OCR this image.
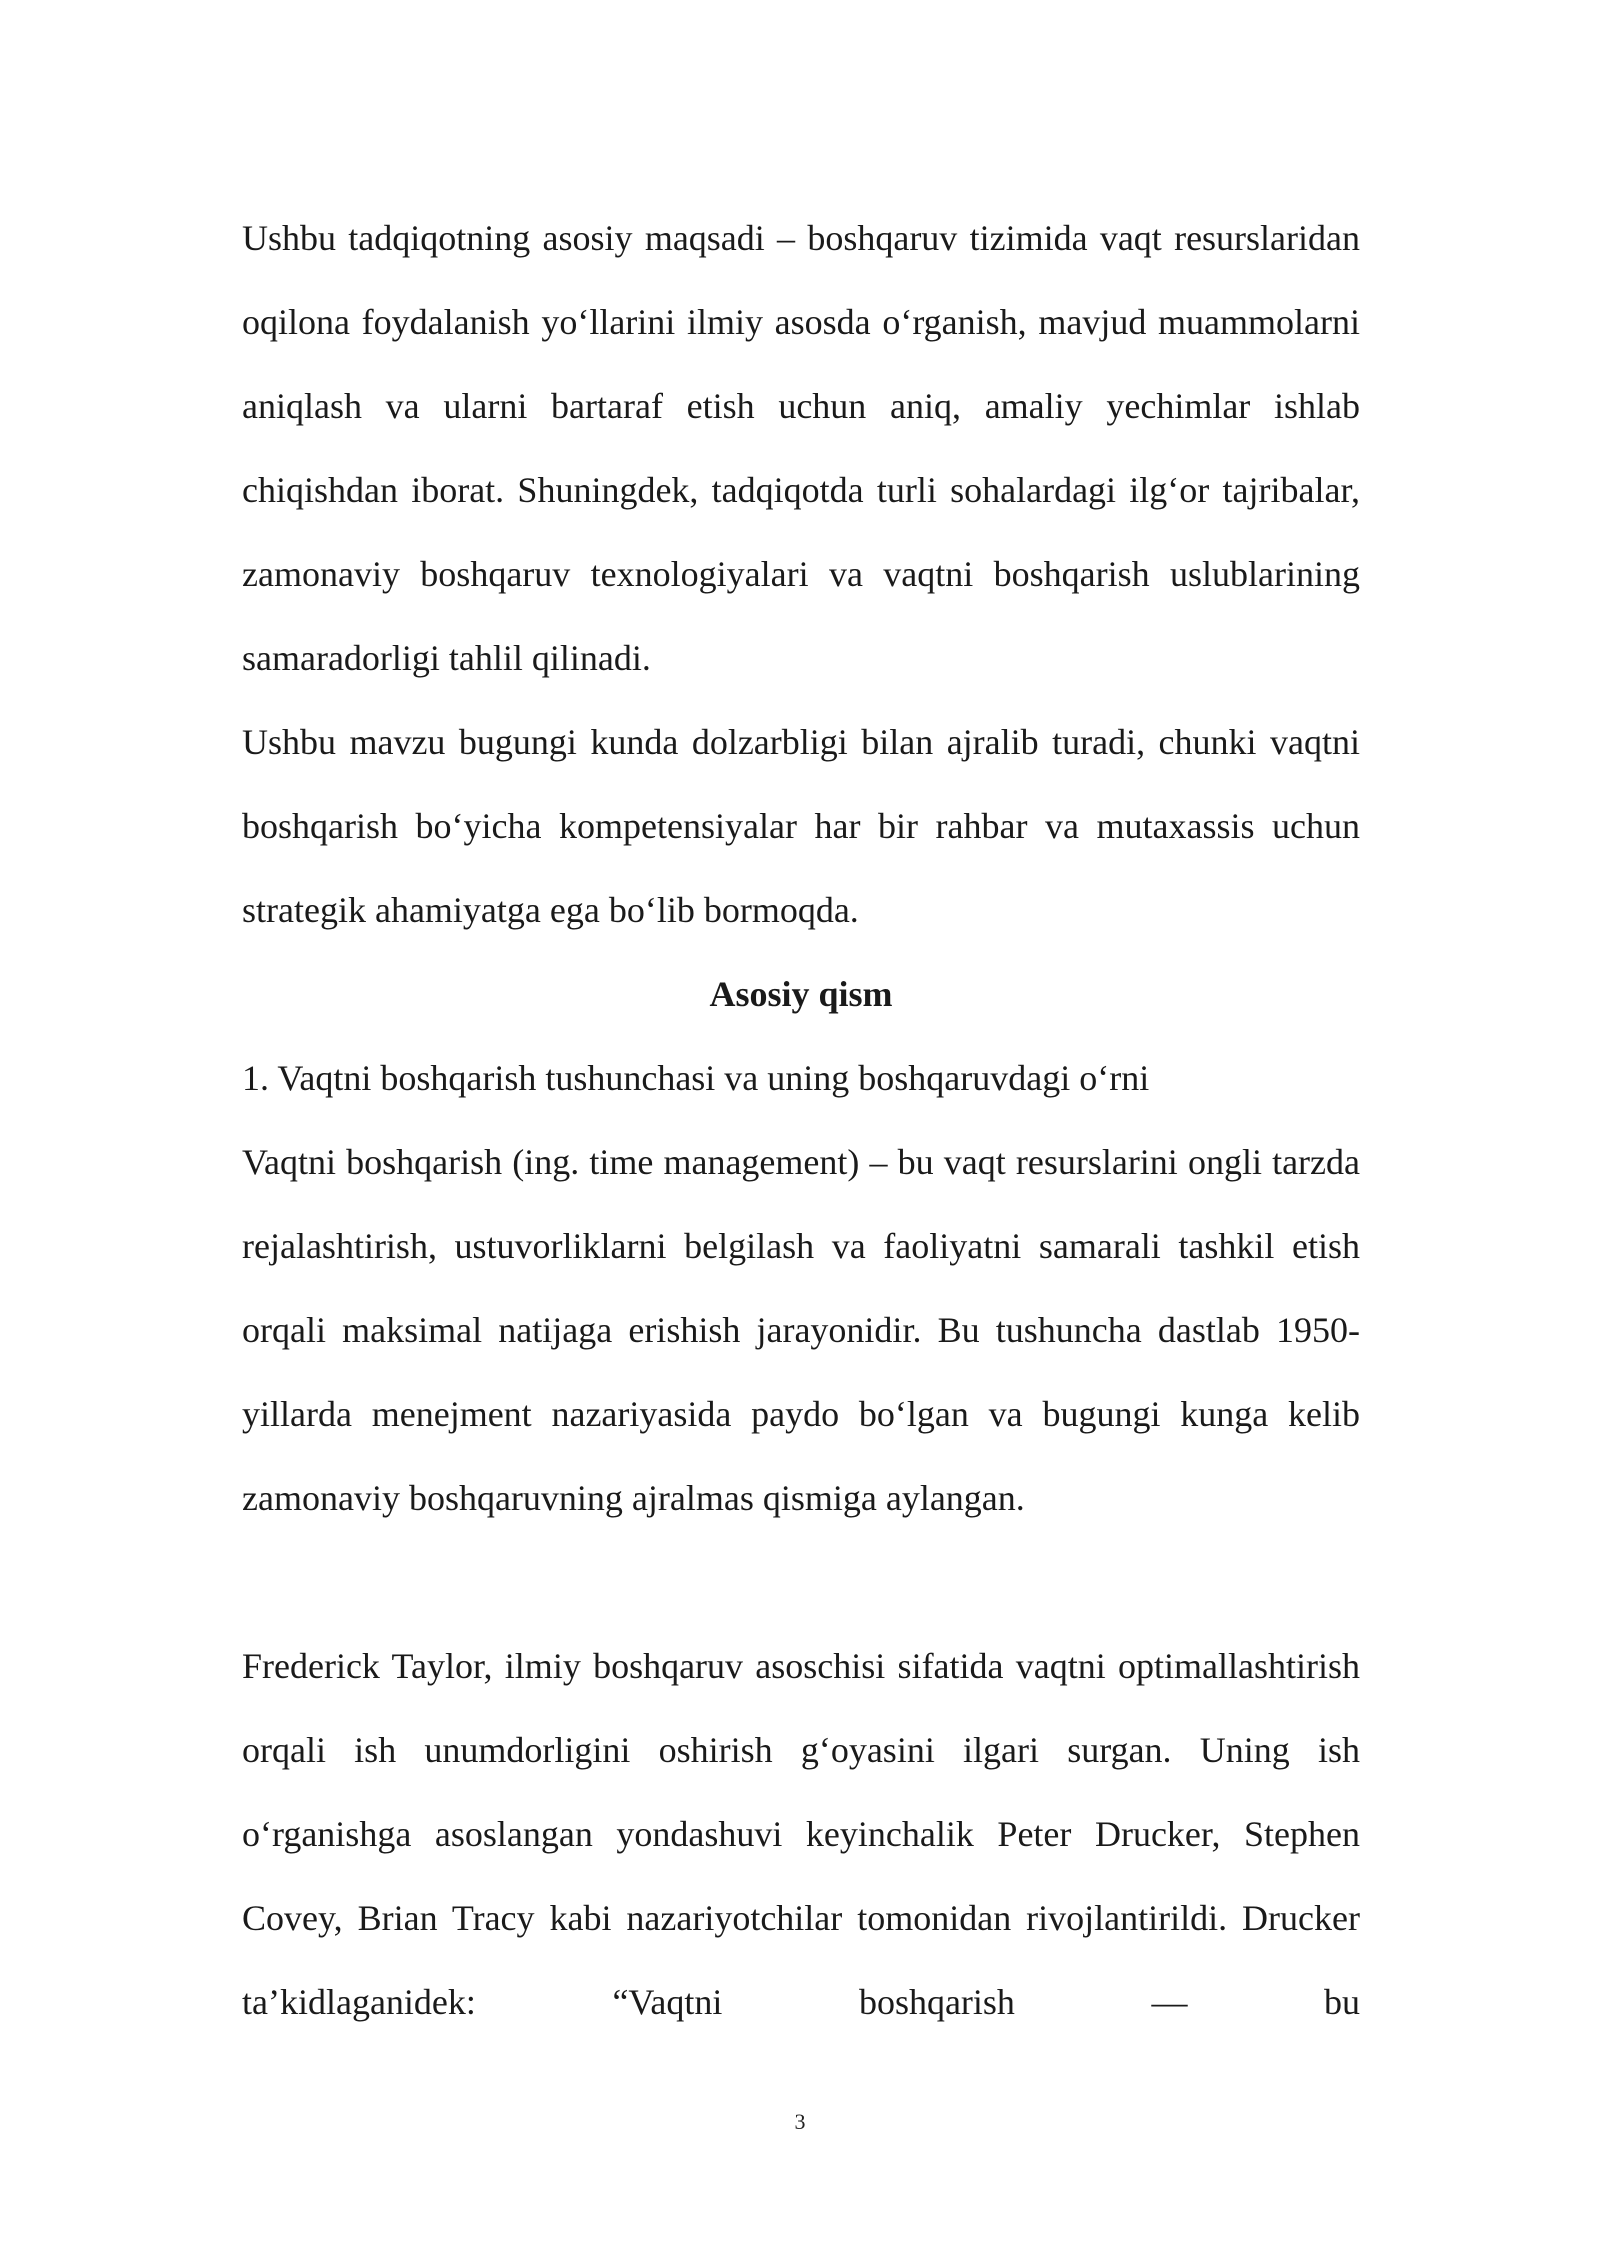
Ushbu tadqiqotning asosiy maqsadi – boshqaruv tizimida vaqt resurslaridan oqilona foydalanish yo‘llarini ilmiy asosda o‘rganish, mavjud muammolarni aniqlash va ularni bartaraf etish uchun aniq, amaliy yechimlar ishlab chiqishdan iborat. Shuningdek, tadqiqotda turli sohalardagi ilg‘or tajribalar, zamonaviy boshqaruv texnologiyalari va vaqtni boshqarish uslublarining samaradorligi tahlil qilinadi.

Ushbu mavzu bugungi kunda dolzarbligi bilan ajralib turadi, chunki vaqtni boshqarish bo‘yicha kompetensiyalar har bir rahbar va mutaxassis uchun strategik ahamiyatga ega bo‘lib bormoqda.

Asosiy qism

1. Vaqtni boshqarish tushunchasi va uning boshqaruvdagi o‘rni

Vaqtni boshqarish (ing. time management) – bu vaqt resurslarini ongli tarzda rejalashtirish, ustuvorliklarni belgilash va faoliyatni samarali tashkil etish orqali maksimal natijaga erishish jarayonidir. Bu tushuncha dastlab 1950-yillarda menejment nazariyasida paydo bo‘lgan va bugungi kunga kelib zamonaviy boshqaruvning ajralmas qismiga aylangan.

Frederick Taylor, ilmiy boshqaruv asoschisi sifatida vaqtni optimallashtirish orqali ish unumdorligini oshirish g‘oyasini ilgari surgan. Uning ish o‘rganishga asoslangan yondashuvi keyinchalik Peter Drucker, Stephen Covey, Brian Tracy kabi nazariyotchilar tomonidan rivojlantirildi. Drucker ta’kidlaganidek: “Vaqtni boshqarish — bu

3
